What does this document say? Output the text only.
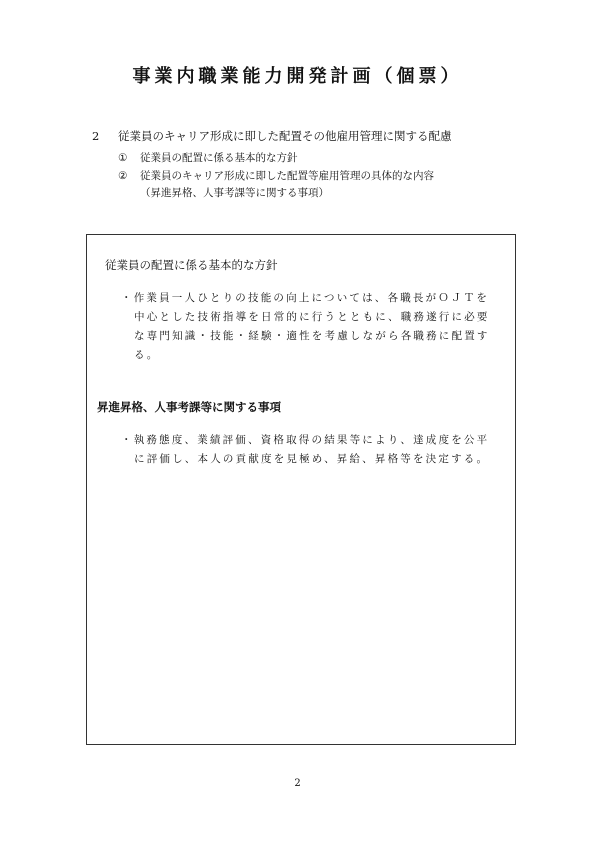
事業内職業能力開発計画（個票）
2 従業員のキャリア形成に即した配置その他雇用管理に関する配慮
① 従業員の配置に係る基本的な方針
② 従業員のキャリア形成に即した配置等雇用管理の具体的な内容
（昇進昇格、人事考課等に関する事項）
従業員の配置に係る基本的な方針
・作業員一人ひとりの技能の向上については、各職長がＯＪＴを
中心とした技術指導を日常的に行うとともに、職務遂行に必要
な専門知識・技能・経験・適性を考慮しながら各職務に配置す
る。
昇進昇格、人事考課等に関する事項
・執務態度、業績評価、資格取得の結果等により、達成度を公平
に評価し、本人の貢献度を見極め、昇給、昇格等を決定する。
2
